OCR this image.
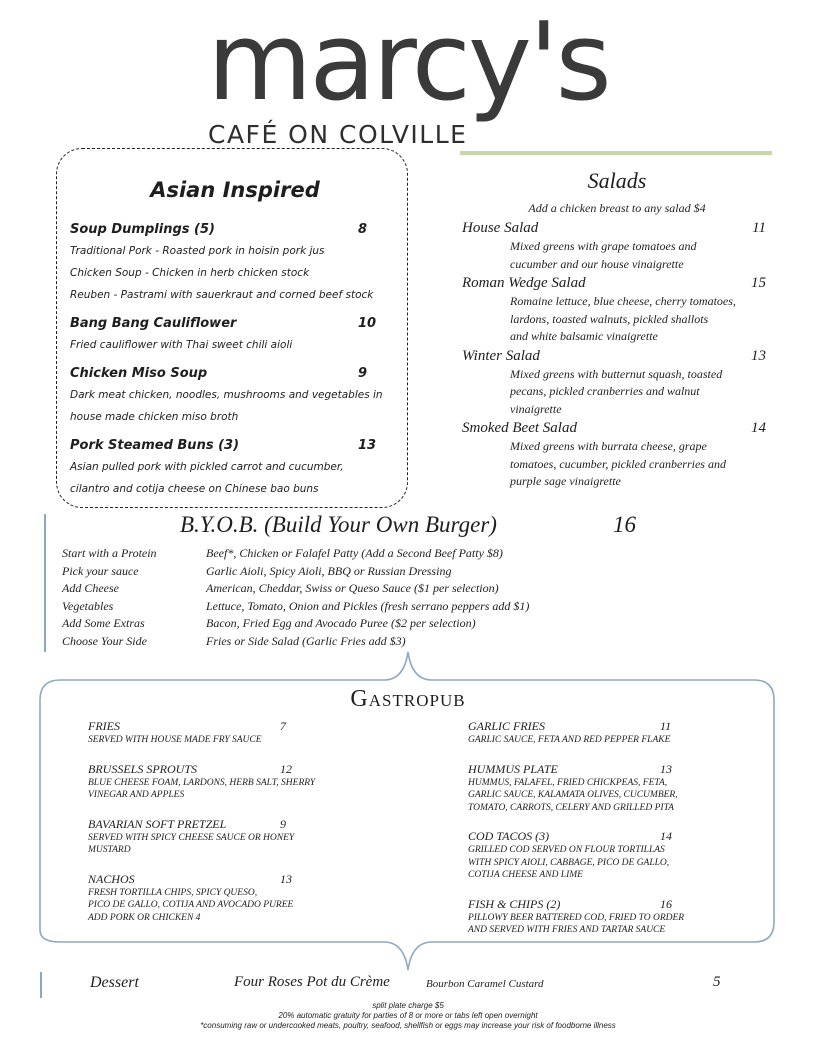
marcy's
CAFÉ ON COLVILLE
Asian Inspired
Soup Dumplings (5)	8
Traditional Pork - Roasted pork in hoisin pork jus
Chicken Soup - Chicken in herb chicken stock
Reuben - Pastrami with sauerkraut and corned beef stock
Bang Bang Cauliflower	10
Fried cauliflower with Thai sweet chili aioli
Chicken Miso Soup	9
Dark meat chicken, noodles, mushrooms and vegetables in
house made chicken miso broth
Pork Steamed Buns (3)	13
Asian pulled pork with pickled carrot and cucumber,
cilantro and cotija cheese on Chinese bao buns
Salads
Add a chicken breast to any salad $4
House Salad	11
Mixed greens with grape tomatoes and
cucumber and our house vinaigrette
Roman Wedge Salad	15
Romaine lettuce, blue cheese, cherry tomatoes,
lardons, toasted walnuts, pickled shallots
and white balsamic vinaigrette
Winter Salad	13
Mixed greens with butternut squash, toasted
pecans, pickled cranberries and walnut
vinaigrette
Smoked Beet Salad	14
Mixed greens with burrata cheese, grape
tomatoes, cucumber, pickled cranberries and
purple sage vinaigrette
B.Y.O.B. (Build Your Own Burger)	16
Start with a Protein	Beef*, Chicken or Falafel Patty (Add a Second Beef Patty $8)
Pick your sauce	Garlic Aioli, Spicy Aioli, BBQ or Russian Dressing
Add Cheese	American, Cheddar, Swiss or Queso Sauce ($1 per selection)
Vegetables	Lettuce, Tomato, Onion and Pickles (fresh serrano peppers add $1)
Add Some Extras	Bacon, Fried Egg and Avocado Puree ($2 per selection)
Choose Your Side	Fries or Side Salad (Garlic Fries add $3)
Gastropub
FRIES	7
SERVED WITH HOUSE MADE FRY SAUCE
BRUSSELS SPROUTS	12
BLUE CHEESE FOAM, LARDONS, HERB SALT, SHERRY
VINEGAR AND APPLES
BAVARIAN SOFT PRETZEL	9
SERVED WITH SPICY CHEESE SAUCE OR HONEY
MUSTARD
NACHOS	13
FRESH TORTILLA CHIPS, SPICY QUESO,
PICO DE GALLO, COTIJA AND AVOCADO PUREE
ADD PORK OR CHICKEN 4
GARLIC FRIES	11
GARLIC SAUCE, FETA AND RED PEPPER FLAKE
HUMMUS PLATE	13
HUMMUS, FALAFEL, FRIED CHICKPEAS, FETA,
GARLIC SAUCE, KALAMATA OLIVES, CUCUMBER,
TOMATO, CARROTS, CELERY AND GRILLED PITA
COD TACOS (3)	14
GRILLED COD SERVED ON FLOUR TORTILLAS
WITH SPICY AIOLI, CABBAGE, PICO DE GALLO,
COTIJA CHEESE AND LIME
FISH & CHIPS (2)	16
PILLOWY BEER BATTERED COD, FRIED TO ORDER
AND SERVED WITH FRIES AND TARTAR SAUCE
Dessert	Four Roses Pot du Crème	Bourbon Caramel Custard	5
split plate charge $5
20% automatic gratuity for parties of 8 or more or tabs left open overnight
*consuming raw or undercooked meats, poultry, seafood, shellfish or eggs may increase your risk of foodborne illness
